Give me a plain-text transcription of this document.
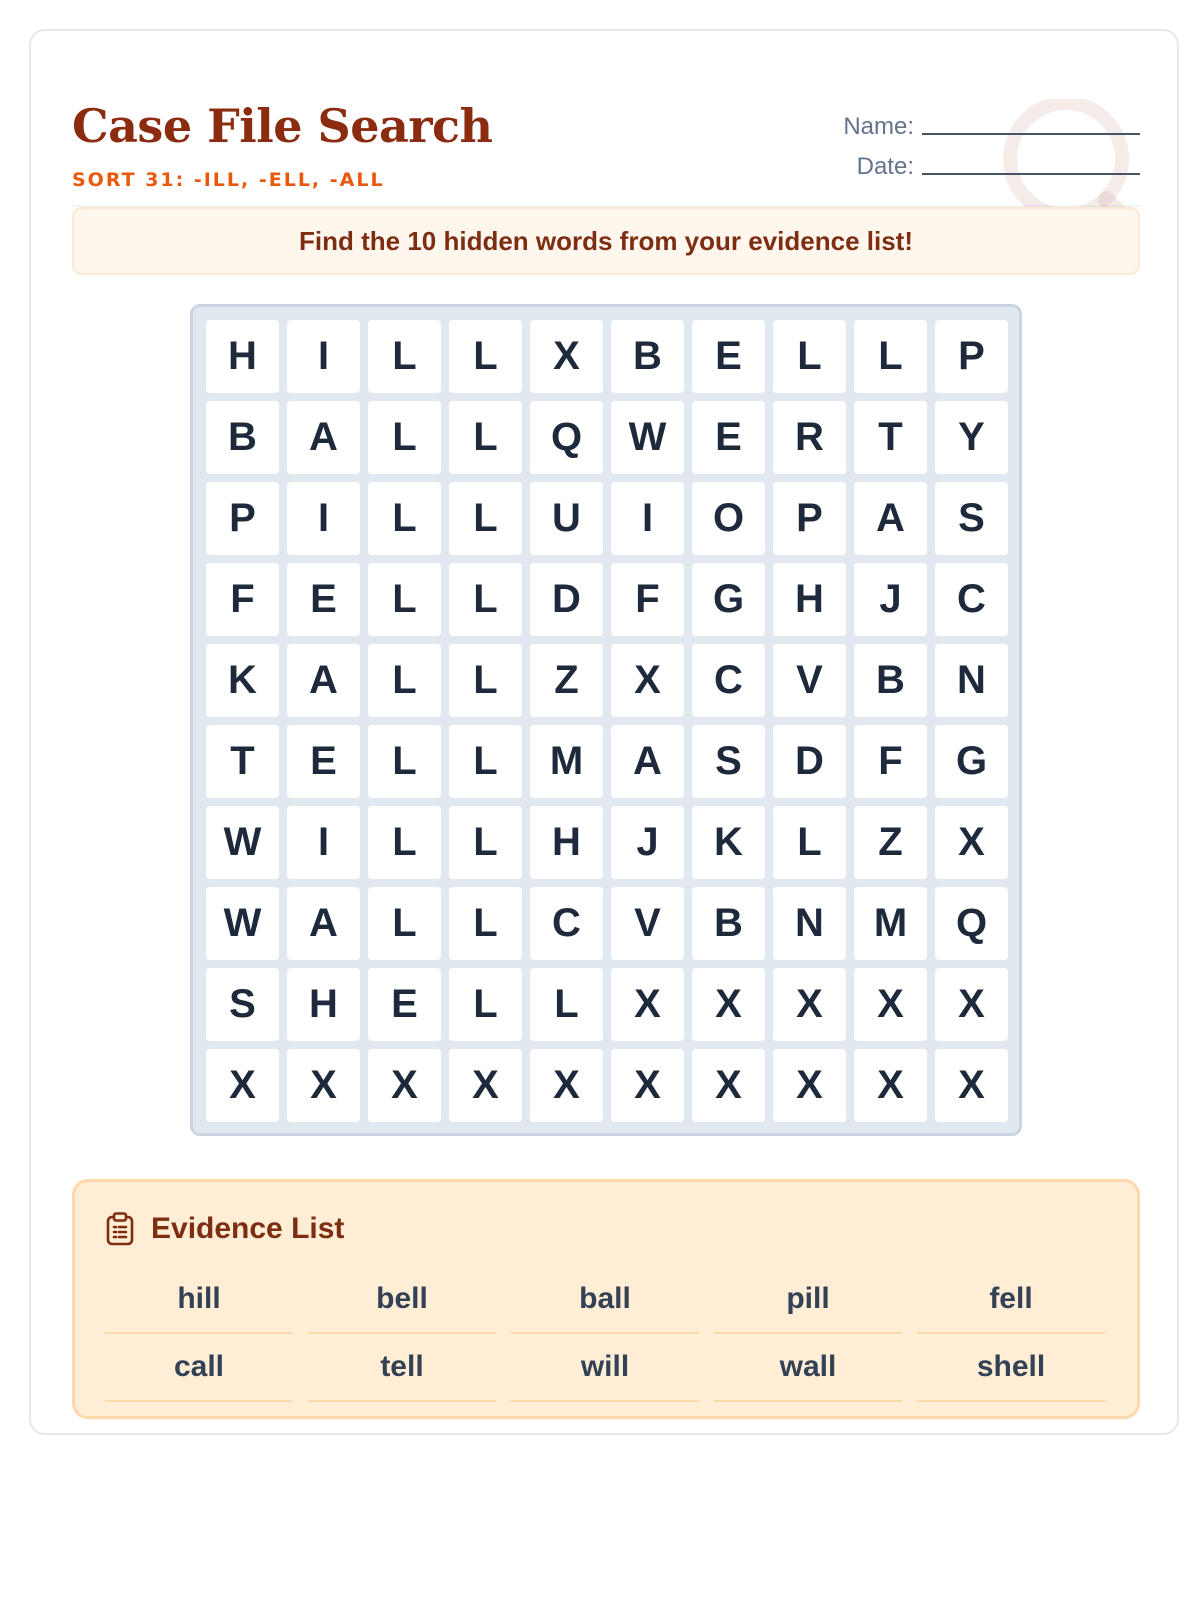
Case File Search
SORT 31: -ILL, -ELL, -ALL
Name:
Date:
Find the 10 hidden words from your evidence list!
H	I	L	L	X	B	E	L	L	P
B	A	L	L	Q	W	E	R	T	Y
P	I	L	L	U	I	O	P	A	S
F	E	L	L	D	F	G	H	J	C
K	A	L	L	Z	X	C	V	B	N
T	E	L	L	M	A	S	D	F	G
W	I	L	L	H	J	K	L	Z	X
W	A	L	L	C	V	B	N	M	Q
S	H	E	L	L	X	X	X	X	X
X	X	X	X	X	X	X	X	X	X
Evidence List
hill	bell	ball	pill	fell
call	tell	will	wall	shell
